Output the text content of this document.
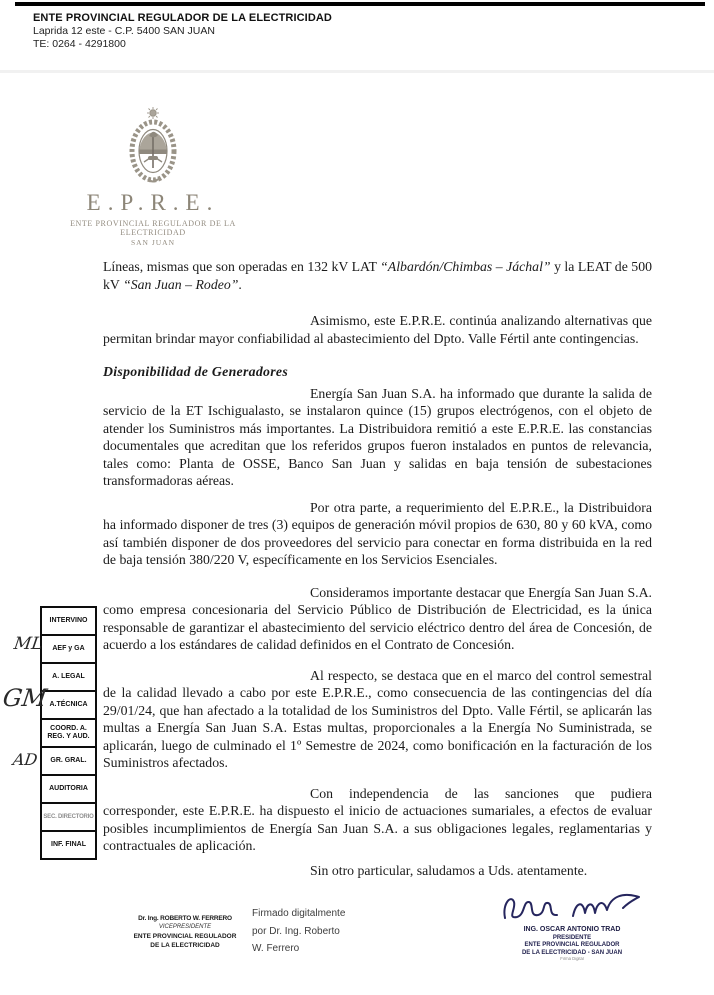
ENTE PROVINCIAL REGULADOR DE LA ELECTRICIDAD
Laprida 12 este - C.P. 5400 SAN JUAN
TE: 0264 - 4291800
E.P.R.E.
ENTE PROVINCIAL REGULADOR DE LA ELECTRICIDAD
SAN JUAN

Líneas, mismas que son operadas en 132 kV LAT “Albardón/Chimbas – Jáchal” y la LEAT de 500 kV “San Juan – Rodeo”.

Asimismo, este E.P.R.E. continúa analizando alternativas que permitan brindar mayor confiabilidad al abastecimiento del Dpto. Valle Fértil ante contingencias.

Disponibilidad de Generadores

Energía San Juan S.A. ha informado que durante la salida de servicio de la ET Ischigualasto, se instalaron quince (15) grupos electrógenos, con el objeto de atender los Suministros más importantes. La Distribuidora remitió a este E.P.R.E. las constancias documentales que acreditan que los referidos grupos fueron instalados en puntos de relevancia, tales como: Planta de OSSE, Banco San Juan y salidas en baja tensión de subestaciones transformadoras aéreas.

Por otra parte, a requerimiento del E.P.R.E., la Distribuidora ha informado disponer de tres (3) equipos de generación móvil propios de 630, 80 y 60 kVA, como así también disponer de dos proveedores del servicio para conectar en forma distribuida en la red de baja tensión 380/220 V, específicamente en los Servicios Esenciales.

Consideramos importante destacar que Energía San Juan S.A. como empresa concesionaria del Servicio Público de Distribución de Electricidad, es la única responsable de garantizar el abastecimiento del servicio eléctrico dentro del área de Concesión, de acuerdo a los estándares de calidad definidos en el Contrato de Concesión.

Al respecto, se destaca que en el marco del control semestral de la calidad llevado a cabo por este E.P.R.E., como consecuencia de las contingencias del día 29/01/24, que han afectado a la totalidad de los Suministros del Dpto. Valle Fértil, se aplicarán las multas a Energía San Juan S.A. Estas multas, proporcionales a la Energía No Suministrada, se aplicarán, luego de culminado el 1º Semestre de 2024, como bonificación en la facturación de los Suministros afectados.

Con independencia de las sanciones que pudiera corresponder, este E.P.R.E. ha dispuesto el inicio de actuaciones sumariales, a efectos de evaluar posibles incumplimientos de Energía San Juan S.A. a sus obligaciones legales, reglamentarias y contractuales de aplicación.

Sin otro particular, saludamos a Uds. atentamente.

INTERVINO
AEF y GA
A. LEGAL
A.TÉCNICA
COORD. A. REG. Y AUD.
GR. GRAL.
AUDITORIA
SEC. DIRECTORIO
INF. FINAL
ML
GM
AD
Dr. Ing. ROBERTO W. FERRERO
VICEPRESIDENTE
ENTE PROVINCIAL REGULADOR
DE LA ELECTRICIDAD
Firmado digitalmente por Dr. Ing. Roberto W. Ferrero
ING. OSCAR ANTONIO TRAD
PRESIDENTE
ENTE PROVINCIAL REGULADOR
DE LA ELECTRICIDAD - SAN JUAN
Firma Digital
